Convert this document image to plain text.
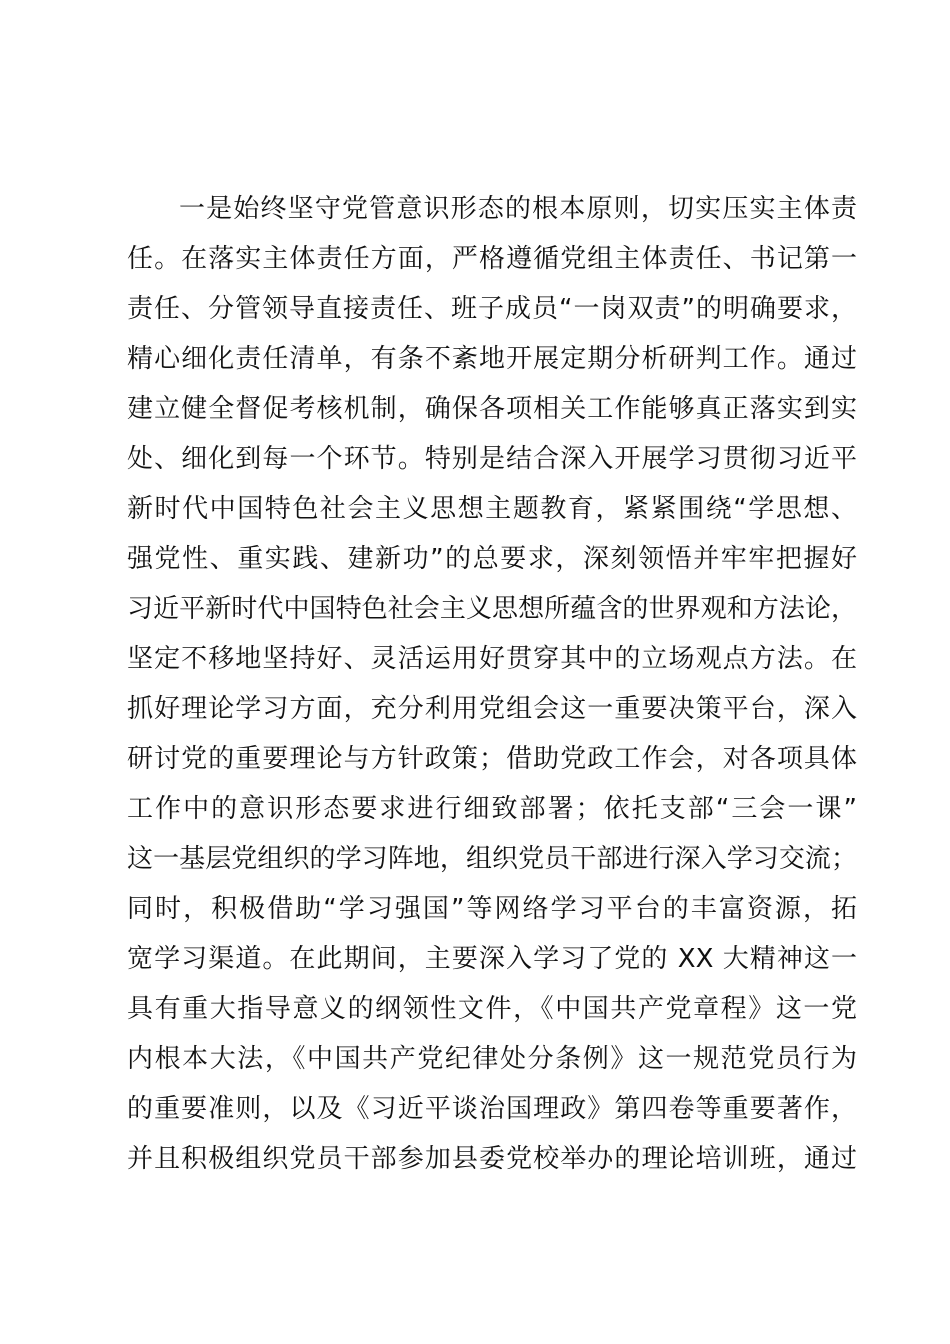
一是始终坚守党管意识形态的根本原则，切实压实主体责
任。在落实主体责任方面，严格遵循党组主体责任、书记第一
责任、分管领导直接责任、班子成员“一岗双责”的明确要求，
精心细化责任清单，有条不紊地开展定期分析研判工作。通过
建立健全督促考核机制，确保各项相关工作能够真正落实到实
处、细化到每一个环节。特别是结合深入开展学习贯彻习近平
新时代中国特色社会主义思想主题教育，紧紧围绕“学思想、
强党性、重实践、建新功”的总要求，深刻领悟并牢牢把握好
习近平新时代中国特色社会主义思想所蕴含的世界观和方法论，
坚定不移地坚持好、灵活运用好贯穿其中的立场观点方法。在
抓好理论学习方面，充分利用党组会这一重要决策平台，深入
研讨党的重要理论与方针政策；借助党政工作会，对各项具体
工作中的意识形态要求进行细致部署；依托支部“三会一课”
这一基层党组织的学习阵地，组织党员干部进行深入学习交流；
同时，积极借助“学习强国”等网络学习平台的丰富资源，拓
宽学习渠道。在此期间，主要深入学习了党的 XX 大精神这一
具有重大指导意义的纲领性文件，《中国共产党章程》这一党
内根本大法，《中国共产党纪律处分条例》这一规范党员行为
的重要准则，以及《习近平谈治国理政》第四卷等重要著作，
并且积极组织党员干部参加县委党校举办的理论培训班，通过
